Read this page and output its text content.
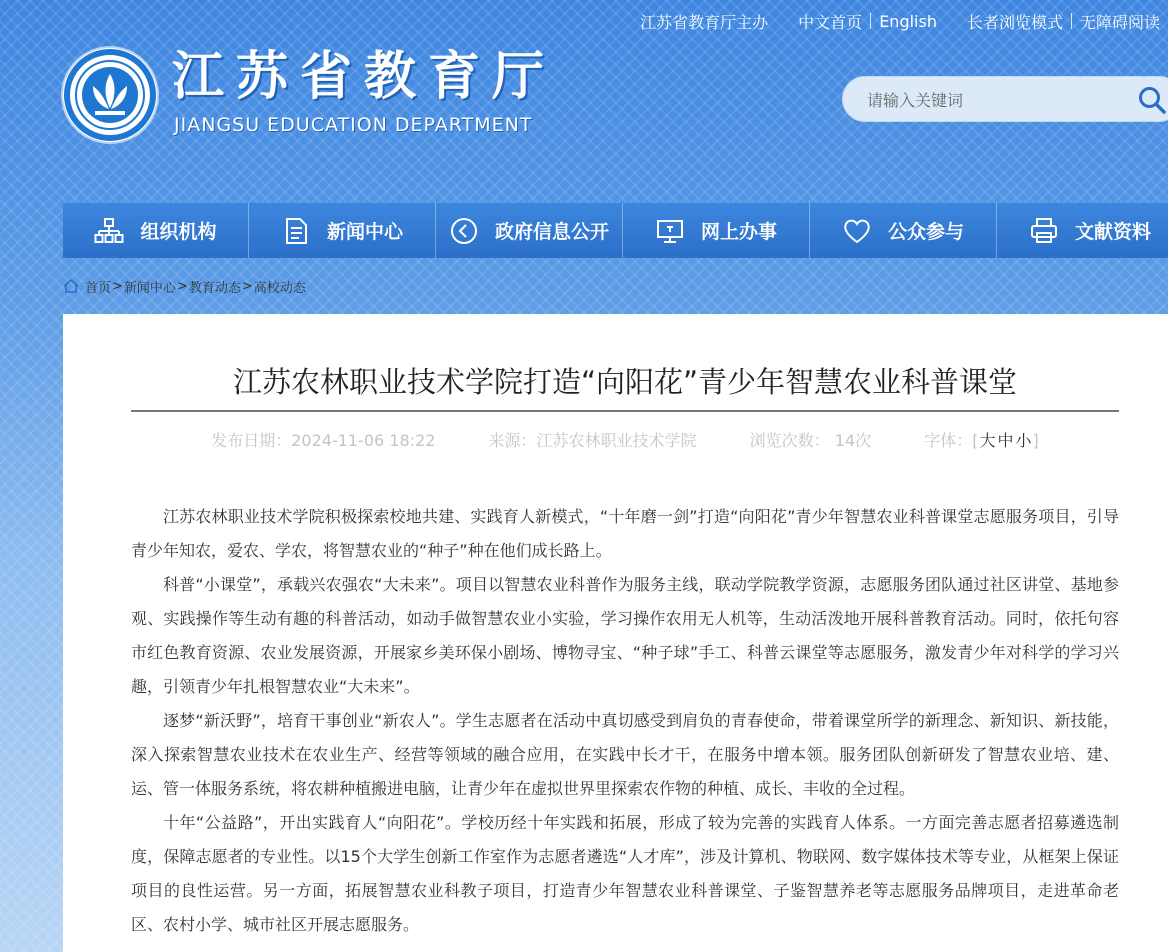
江苏省教育厅主办	中文首页	English	长者浏览模式	无障碍阅读
江苏省教育厅
JIANGSU EDUCATION DEPARTMENT
请输入关键词
组织机构	新闻中心	政府信息公开	网上办事	公众参与	文献资料
首页 > 新闻中心 > 教育动态 > 高校动态
江苏农林职业技术学院打造“向阳花”青少年智慧农业科普课堂
发布日期：2024-11-06 18:22	来源：江苏农林职业技术学院	浏览次数： 14次	字体：[大 中 小]

江苏农林职业技术学院积极探索校地共建、实践育人新模式，“十年磨一剑”打造“向阳花”青少年智慧农业科普课堂志愿服务项目，引导青少年知农，爱农、学农，将智慧农业的“种子”种在他们成长路上。

科普“小课堂”，承载兴农强农“大未来”。项目以智慧农业科普作为服务主线，联动学院教学资源，志愿服务团队通过社区讲堂、基地参观、实践操作等生动有趣的科普活动，如动手做智慧农业小实验，学习操作农用无人机等，生动活泼地开展科普教育活动。同时，依托句容市红色教育资源、农业发展资源，开展家乡美环保小剧场、博物寻宝、“种子球”手工、科普云课堂等志愿服务，激发青少年对科学的学习兴趣，引领青少年扎根智慧农业“大未来”。

逐梦“新沃野”，培育干事创业“新农人”。学生志愿者在活动中真切感受到肩负的青春使命，带着课堂所学的新理念、新知识、新技能，深入探索智慧农业技术在农业生产、经营等领域的融合应用，在实践中长才干，在服务中增本领。服务团队创新研发了智慧农业培、建、运、管一体服务系统，将农耕种植搬进电脑，让青少年在虚拟世界里探索农作物的种植、成长、丰收的全过程。

十年“公益路”，开出实践育人“向阳花”。学校历经十年实践和拓展，形成了较为完善的实践育人体系。一方面完善志愿者招募遴选制度，保障志愿者的专业性。以15个大学生创新工作室作为志愿者遴选“人才库”，涉及计算机、物联网、数字媒体技术等专业，从框架上保证项目的良性运营。另一方面，拓展智慧农业科教子项目，打造青少年智慧农业科普课堂、子鉴智慧养老等志愿服务品牌项目，走进革命老区、农村小学、城市社区开展志愿服务。
